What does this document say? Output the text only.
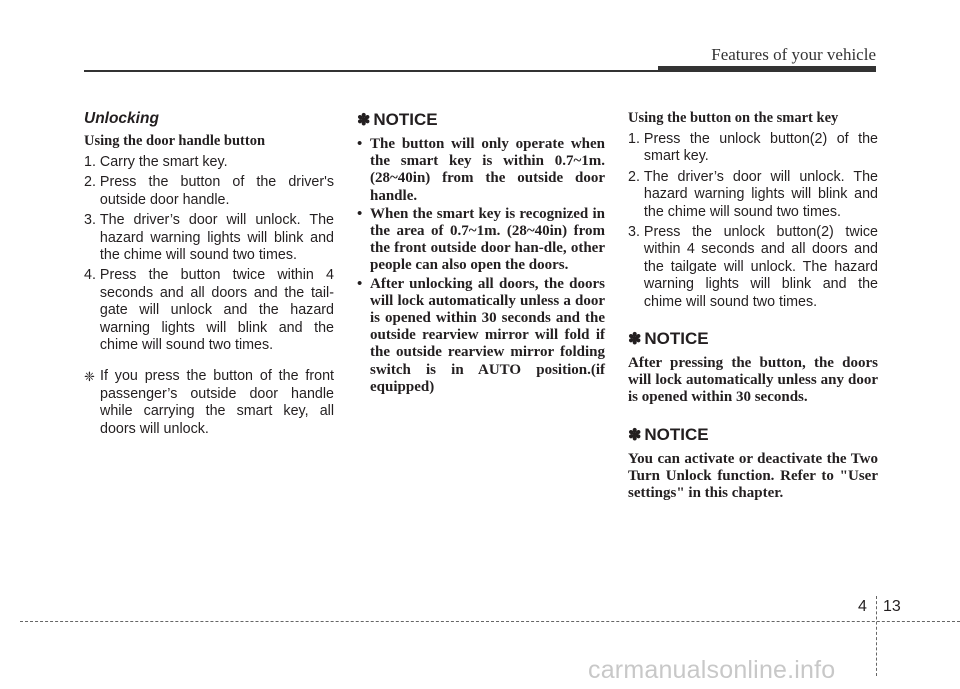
Features of your vehicle
Unlocking
Using the door handle button
1. Carry the smart key.
2. Press the button of the driver's outside door handle.
3. The driver’s door will unlock. The hazard warning lights will blink and the chime will sound two times.
4. Press the button twice within 4 seconds and all doors and the tail-gate will unlock and the hazard warning lights will blink and the chime will sound two times.
❈ If you press the button of the front passenger’s outside door handle while carrying the smart key, all doors will unlock.
✽ NOTICE
• The button will only operate when the smart key is within 0.7~1m. (28~40in) from the outside door handle.
• When the smart key is recognized in the area of 0.7~1m. (28~40in) from the front outside door han-dle, other people can also open the doors.
• After unlocking all doors, the doors will lock automatically unless a door is opened within 30 seconds and the outside rearview mirror will fold if the outside rearview mirror folding switch is in AUTO position.(if equipped)
Using the button on the smart key
1. Press the unlock button(2) of the smart key.
2. The driver’s door will unlock. The hazard warning lights will blink and the chime will sound two times.
3. Press the unlock button(2) twice within 4 seconds and all doors and the tailgate will unlock. The hazard warning lights will blink and the chime will sound two times.
✽ NOTICE
After pressing the button, the doors will lock automatically unless any door is opened within 30 seconds.
✽ NOTICE
You can activate or deactivate the Two Turn Unlock function. Refer to "User settings" in this chapter.
4 13
carmanualsonline.info
